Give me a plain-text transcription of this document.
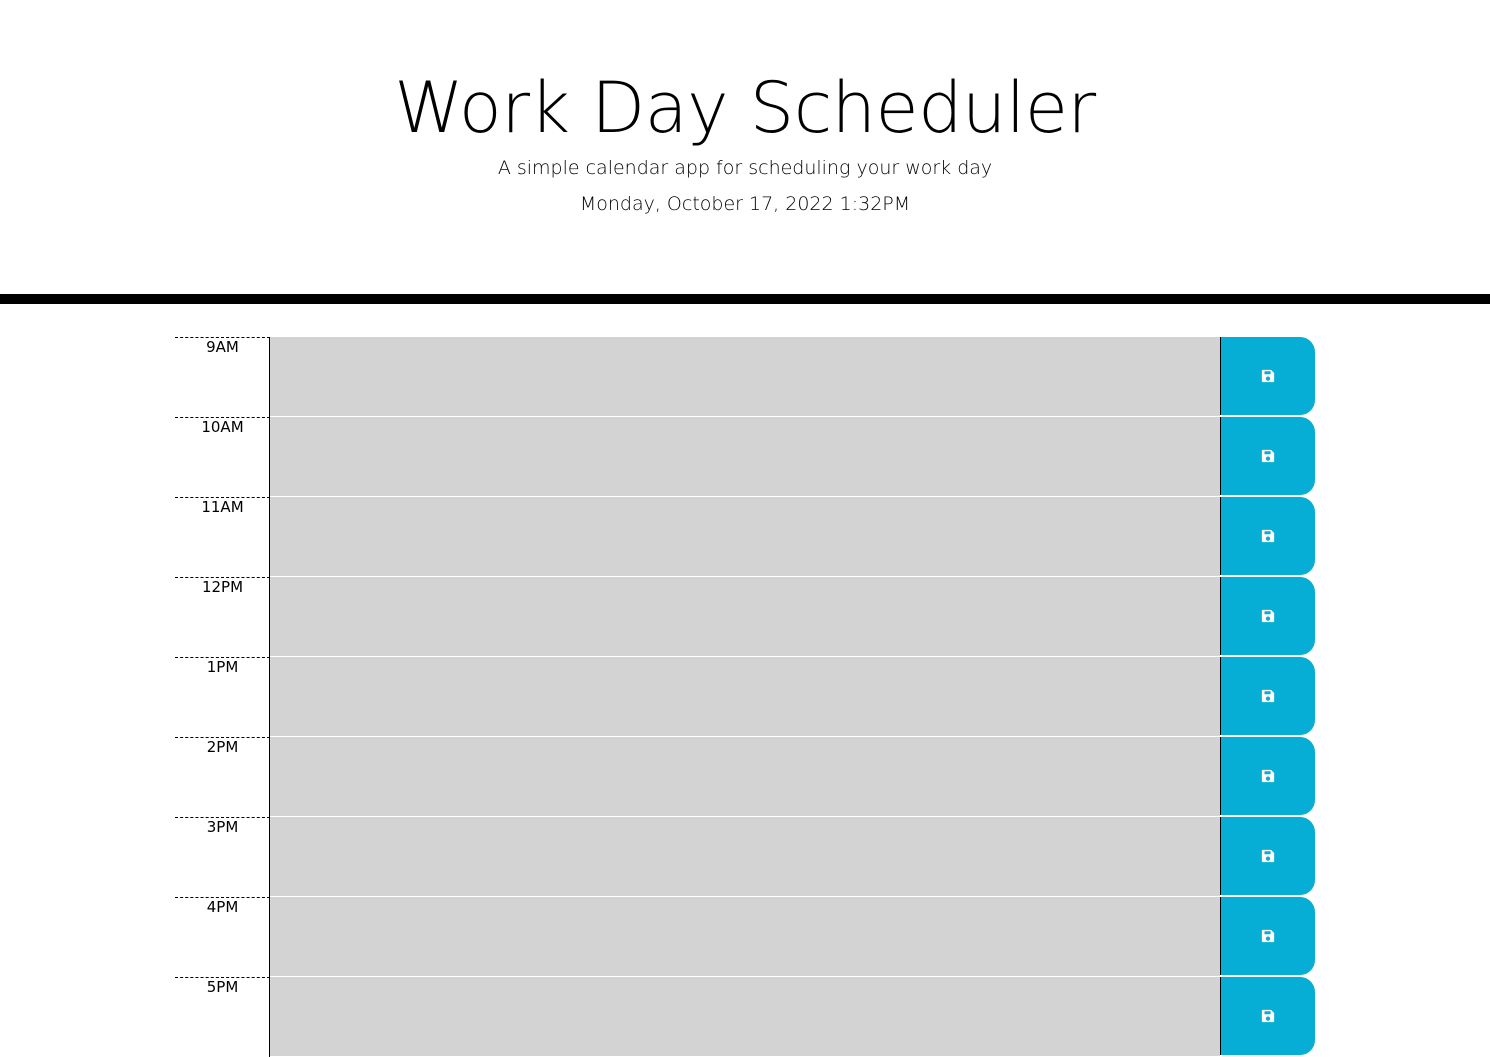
Work Day Scheduler

A simple calendar app for scheduling your work day

Monday, October 17, 2022 1:32PM

9AM
10AM
11AM
12PM
1PM
2PM
3PM
4PM
5PM
